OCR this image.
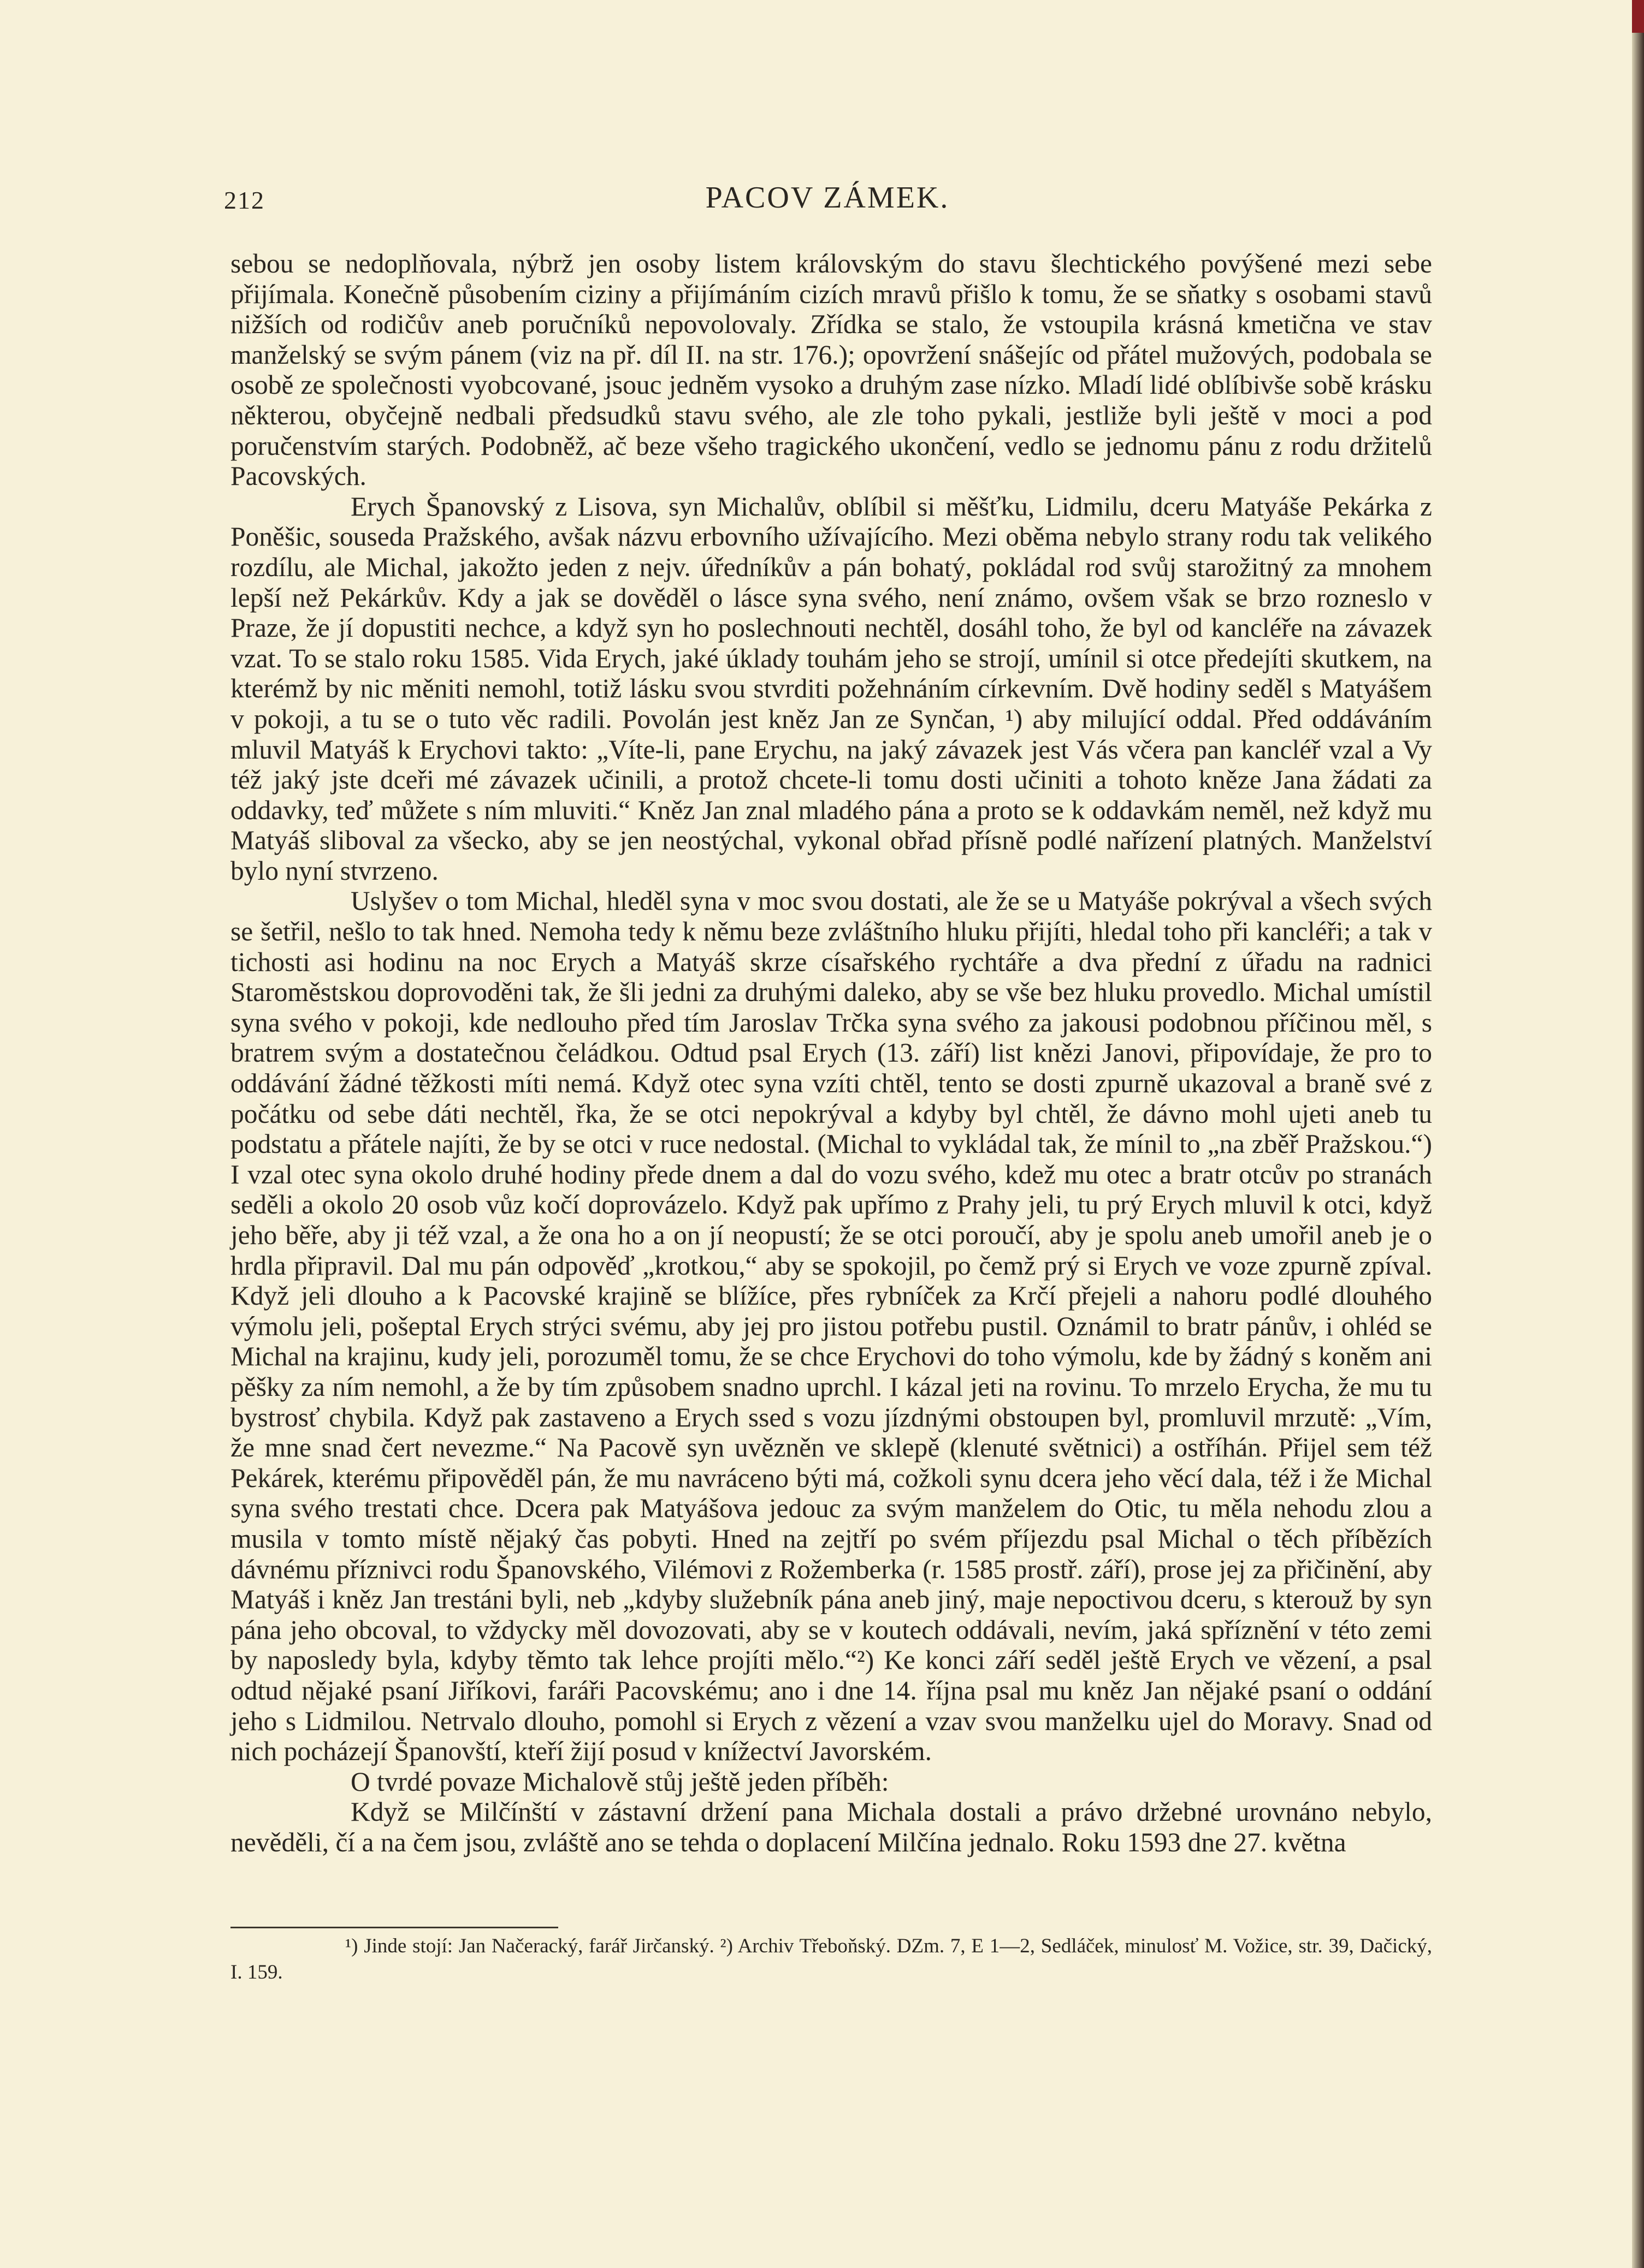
212	PACOV ZÁMEK.

sebou se nedoplňovala, nýbrž jen osoby listem královským do stavu šlechtického povýšené mezi sebe přijímala. Konečně působením ciziny a přijímáním cizích mravů přišlo k tomu, že se sňatky s osobami stavů nižších od rodičův aneb poručníků nepovolovaly. Zřídka se stalo, že vstoupila krásná kmetična ve stav manželský se svým pánem (viz na př. díl II. na str. 176.); opovržení snášejíc od přátel mužových, podobala se osobě ze společnosti vyobcované, jsouc jedněm vysoko a druhým zase nízko. Mladí lidé oblíbivše sobě krásku některou, obyčejně nedbali předsudků stavu svého, ale zle toho pykali, jestliže byli ještě v moci a pod poručenstvím starých. Podobněž, ač beze všeho tragického ukončení, vedlo se jednomu pánu z rodu držitelů Pacovských.

Erych Španovský z Lisova, syn Michalův, oblíbil si měšťku, Lidmilu, dceru Matyáše Pekárka z Poněšic, souseda Pražského, avšak názvu erbovního užívajícího. Mezi oběma nebylo strany rodu tak velikého rozdílu, ale Michal, jakožto jeden z nejv. úředníkův a pán bohatý, pokládal rod svůj starožitný za mnohem lepší než Pekárkův. Kdy a jak se dověděl o lásce syna svého, není známo, ovšem však se brzo rozneslo v Praze, že jí dopustiti nechce, a když syn ho poslechnouti nechtěl, dosáhl toho, že byl od kancléře na závazek vzat. To se stalo roku 1585. Vida Erych, jaké úklady touhám jeho se strojí, umínil si otce předejíti skutkem, na kterémž by nic měniti nemohl, totiž lásku svou stvrditi požehnáním církevním. Dvě hodiny seděl s Matyášem v pokoji, a tu se o tuto věc radili. Povolán jest kněz Jan ze Synčan, ¹) aby milující oddal. Před oddáváním mluvil Matyáš k Erychovi takto: „Víte-li, pane Erychu, na jaký závazek jest Vás včera pan kancléř vzal a Vy též jaký jste dceři mé závazek učinili, a protož chcete-li tomu dosti učiniti a tohoto kněze Jana žádati za oddavky, teď můžete s ním mluviti.“ Kněz Jan znal mladého pána a proto se k oddavkám neměl, než když mu Matyáš sliboval za všecko, aby se jen neostýchal, vykonal obřad přísně podlé nařízení platných. Manželství bylo nyní stvrzeno.

Uslyšev o tom Michal, hleděl syna v moc svou dostati, ale že se u Matyáše pokrýval a všech svých se šetřil, nešlo to tak hned. Nemoha tedy k němu beze zvláštního hluku přijíti, hledal toho při kancléři; a tak v tichosti asi hodinu na noc Erych a Matyáš skrze císařského rychtáře a dva přední z úřadu na radnici Staroměstskou doprovoděni tak, že šli jedni za druhými daleko, aby se vše bez hluku provedlo. Michal umístil syna svého v pokoji, kde nedlouho před tím Jaroslav Trčka syna svého za jakousi podobnou příčinou měl, s bratrem svým a dostatečnou čeládkou. Odtud psal Erych (13. září) list knězi Janovi, připovídaje, že pro to oddávání žádné těžkosti míti nemá. Když otec syna vzíti chtěl, tento se dosti zpurně ukazoval a braně své z počátku od sebe dáti nechtěl, řka, že se otci nepokrýval a kdyby byl chtěl, že dávno mohl ujeti aneb tu podstatu a přátele najíti, že by se otci v ruce nedostal. (Michal to vykládal tak, že mínil to „na zběř Pražskou.“) I vzal otec syna okolo druhé hodiny přede dnem a dal do vozu svého, kdež mu otec a bratr otcův po stranách seděli a okolo 20 osob vůz kočí doprovázelo. Když pak upřímo z Prahy jeli, tu prý Erych mluvil k otci, když jeho běře, aby ji též vzal, a že ona ho a on jí neopustí; že se otci poroučí, aby je spolu aneb umořil aneb je o hrdla připravil. Dal mu pán odpověď „krotkou,“ aby se spokojil, po čemž prý si Erych ve voze zpurně zpíval. Když jeli dlouho a k Pacovské krajině se blížíce, přes rybníček za Krčí přejeli a nahoru podlé dlouhého výmolu jeli, pošeptal Erych strýci svému, aby jej pro jistou potřebu pustil. Oznámil to bratr pánův, i ohléd se Michal na krajinu, kudy jeli, porozuměl tomu, že se chce Erychovi do toho výmolu, kde by žádný s koněm ani pěšky za ním nemohl, a že by tím způsobem snadno uprchl. I kázal jeti na rovinu. To mrzelo Erycha, že mu tu bystrosť chybila. Když pak zastaveno a Erych ssed s vozu jízdnými obstoupen byl, promluvil mrzutě: „Vím, že mne snad čert nevezme.“ Na Pacově syn uvězněn ve sklepě (klenuté světnici) a ostříhán. Přijel sem též Pekárek, kterému připověděl pán, že mu navráceno býti má, cožkoli synu dcera jeho věcí dala, též i že Michal syna svého trestati chce. Dcera pak Matyášova jedouc za svým manželem do Otic, tu měla nehodu zlou a musila v tomto místě nějaký čas pobyti. Hned na zejtří po svém příjezdu psal Michal o těch příbězích dávnému příznivci rodu Španovského, Vilémovi z Rožemberka (r. 1585 prostř. září), prose jej za přičinění, aby Matyáš i kněz Jan trestáni byli, neb „kdyby služebník pána aneb jiný, maje nepoctivou dceru, s kterouž by syn pána jeho obcoval, to vždycky měl dovozovati, aby se v koutech oddávali, nevím, jaká spříznění v této zemi by naposledy byla, kdyby těmto tak lehce projíti mělo.“²) Ke konci září seděl ještě Erych ve vězení, a psal odtud nějaké psaní Jiříkovi, faráři Pacovskému; ano i dne 14. října psal mu kněz Jan nějaké psaní o oddání jeho s Lidmilou. Netrvalo dlouho, pomohl si Erych z vězení a vzav svou manželku ujel do Moravy. Snad od nich pocházejí Španovští, kteří žijí posud v knížectví Javorském.

O tvrdé povaze Michalově stůj ještě jeden příběh:

Když se Milčínští v zástavní držení pana Michala dostali a právo držebné urovnáno nebylo, nevěděli, čí a na čem jsou, zvláště ano se tehda o doplacení Milčína jednalo. Roku 1593 dne 27. května

¹) Jinde stojí: Jan Načeracký, farář Jirčanský. ²) Archiv Třeboňský. DZm. 7, E 1—2, Sedláček, minulosť M. Vožice, str. 39, Dačický, I. 159.
